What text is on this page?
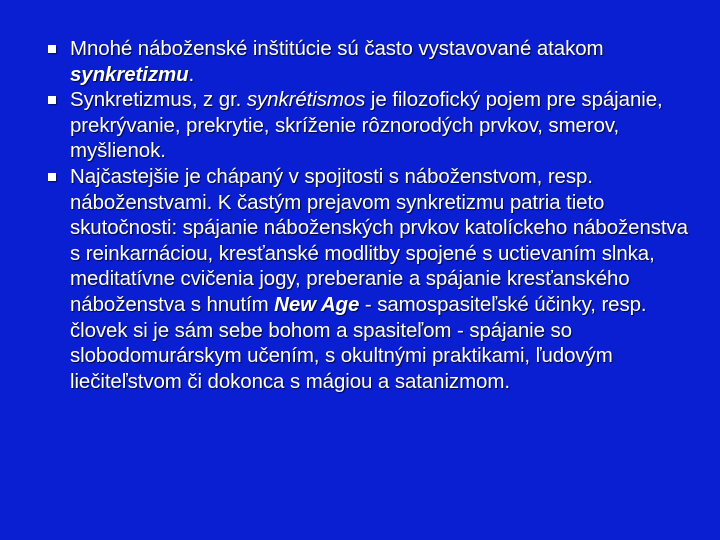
Mnohé náboženské inštitúcie sú často vystavované atakom synkretizmu.
Synkretizmus, z gr. synkrétismos je filozofický pojem pre spájanie, prekrývanie, prekrytie, skríženie rôznorodých prvkov, smerov, myšlienok.
Najčastejšie je chápaný v spojitosti s náboženstvom, resp. náboženstvami. K častým prejavom synkretizmu patria tieto skutočnosti: spájanie náboženských prvkov katolíckeho náboženstva s reinkarnáciou, kresťanské modlitby spojené s uctievaním slnka, meditatívne cvičenia jogy, preberanie a spájanie kresťanského náboženstva s hnutím New Age - samospasiteľské účinky, resp. človek si je sám sebe bohom a spasiteľom - spájanie so slobodomurárskym učením, s okultnými praktikami, ľudovým liečiteľstvom či dokonca s mágiou a satanizmom.
